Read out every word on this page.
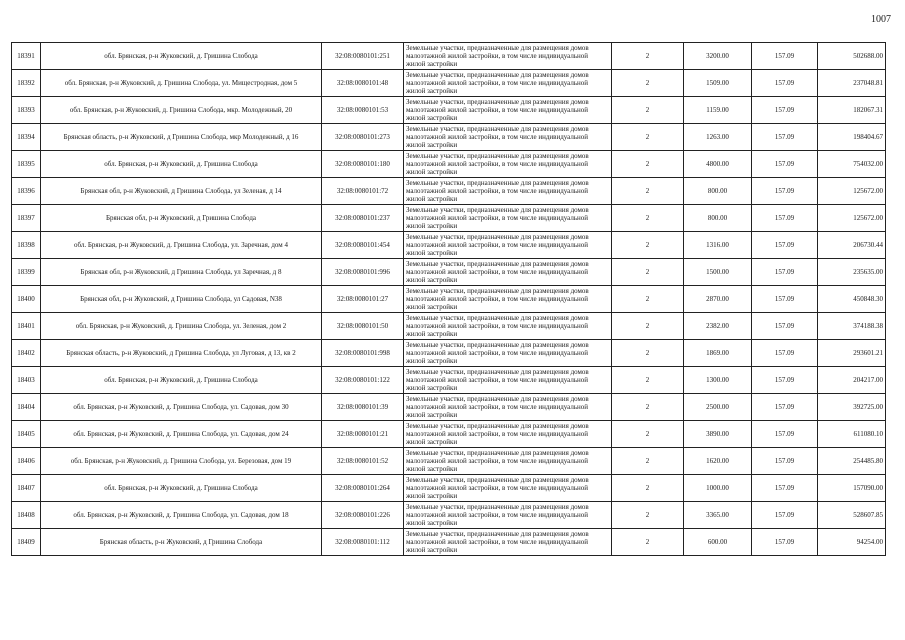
1007
18391	обл. Брянская, р-н Жуковский, д. Гришина Слобода	32:08:0080101:251	Земельные участки, предназначенные для размещения домов малоэтажной жилой застройки, в том числе индивидуальной жилой застройки	2	3200.00	157.09	502688.00
18392	обл. Брянская, р-н Жуковский, д. Гришина Слобода, ул. Мищестродная, дом 5	32:08:0080101:48	Земельные участки, предназначенные для размещения домов малоэтажной жилой застройки, в том числе индивидуальной жилой застройки	2	1509.00	157.09	237048.81
18393	обл. Брянская, р-н Жуковский, д. Гришина Слобода, мкр. Молодежный, 20	32:08:0080101:53	Земельные участки, предназначенные для размещения домов малоэтажной жилой застройки, в том числе индивидуальной жилой застройки	2	1159.00	157.09	182067.31
18394	Брянская область, р-н Жуковский, д Гришина Слобода, мкр Молодежный, д 16	32:08:0080101:273	Земельные участки, предназначенные для размещения домов малоэтажной жилой застройки, в том числе индивидуальной жилой застройки	2	1263.00	157.09	198404.67
18395	обл. Брянская, р-н Жуковский, д. Гришина Слобода	32:08:0080101:180	Земельные участки, предназначенные для размещения домов малоэтажной жилой застройки, в том числе индивидуальной жилой застройки	2	4800.00	157.09	754032.00
18396	Брянская обл, р-н Жуковский, д Гришина Слобода, ул Зеленая, д 14	32:08:0080101:72	Земельные участки, предназначенные для размещения домов малоэтажной жилой застройки, в том числе индивидуальной жилой застройки	2	800.00	157.09	125672.00
18397	Брянская обл, р-н Жуковский, д Гришина Слобода	32:08:0080101:237	Земельные участки, предназначенные для размещения домов малоэтажной жилой застройки, в том числе индивидуальной жилой застройки	2	800.00	157.09	125672.00
18398	обл. Брянская, р-н Жуковский, д. Гришина Слобода, ул. Заречная, дом 4	32:08:0080101:454	Земельные участки, предназначенные для размещения домов малоэтажной жилой застройки, в том числе индивидуальной жилой застройки	2	1316.00	157.09	206730.44
18399	Брянская обл, р-н Жуковский, д Гришина Слобода, ул Заречная, д 8	32:08:0080101:996	Земельные участки, предназначенные для размещения домов малоэтажной жилой застройки, в том числе индивидуальной жилой застройки	2	1500.00	157.09	235635.00
18400	Брянская обл, р-н Жуковский, д Гришина Слобода, ул Садовая, N38	32:08:0080101:27	Земельные участки, предназначенные для размещения домов малоэтажной жилой застройки, в том числе индивидуальной жилой застройки	2	2870.00	157.09	450848.30
18401	обл. Брянская, р-н Жуковский, д. Гришина Слобода, ул. Зеленая, дом 2	32:08:0080101:50	Земельные участки, предназначенные для размещения домов малоэтажной жилой застройки, в том числе индивидуальной жилой застройки	2	2382.00	157.09	374188.38
18402	Брянская область, р-н Жуковский, д Гришина Слобода, ул Луговая, д 13, кв 2	32:08:0080101:998	Земельные участки, предназначенные для размещения домов малоэтажной жилой застройки, в том числе индивидуальной жилой застройки	2	1869.00	157.09	293601.21
18403	обл. Брянская, р-н Жуковский, д. Гришина Слобода	32:08:0080101:122	Земельные участки, предназначенные для размещения домов малоэтажной жилой застройки, в том числе индивидуальной жилой застройки	2	1300.00	157.09	204217.00
18404	обл. Брянская, р-н Жуковский, д. Гришина Слобода, ул. Садовая, дом 30	32:08:0080101:39	Земельные участки, предназначенные для размещения домов малоэтажной жилой застройки, в том числе индивидуальной жилой застройки	2	2500.00	157.09	392725.00
18405	обл. Брянская, р-н Жуковский, д. Гришина Слобода, ул. Садовая, дом 24	32:08:0080101:21	Земельные участки, предназначенные для размещения домов малоэтажной жилой застройки, в том числе индивидуальной жилой застройки	2	3890.00	157.09	611080.10
18406	обл. Брянская, р-н Жуковский, д. Гришина Слобода, ул. Березовая, дом 19	32:08:0080101:52	Земельные участки, предназначенные для размещения домов малоэтажной жилой застройки, в том числе индивидуальной жилой застройки	2	1620.00	157.09	254485.80
18407	обл. Брянская, р-н Жуковский, д. Гришина Слобода	32:08:0080101:264	Земельные участки, предназначенные для размещения домов малоэтажной жилой застройки, в том числе индивидуальной жилой застройки	2	1000.00	157.09	157090.00
18408	обл. Брянская, р-н Жуковский, д. Гришина Слобода, ул. Садовая, дом 18	32:08:0080101:226	Земельные участки, предназначенные для размещения домов малоэтажной жилой застройки, в том числе индивидуальной жилой застройки	2	3365.00	157.09	528607.85
18409	Брянская область, р-н Жуковский, д Гришина Слобода	32:08:0080101:112	Земельные участки, предназначенные для размещения домов малоэтажной жилой застройки, в том числе индивидуальной жилой застройки	2	600.00	157.09	94254.00
